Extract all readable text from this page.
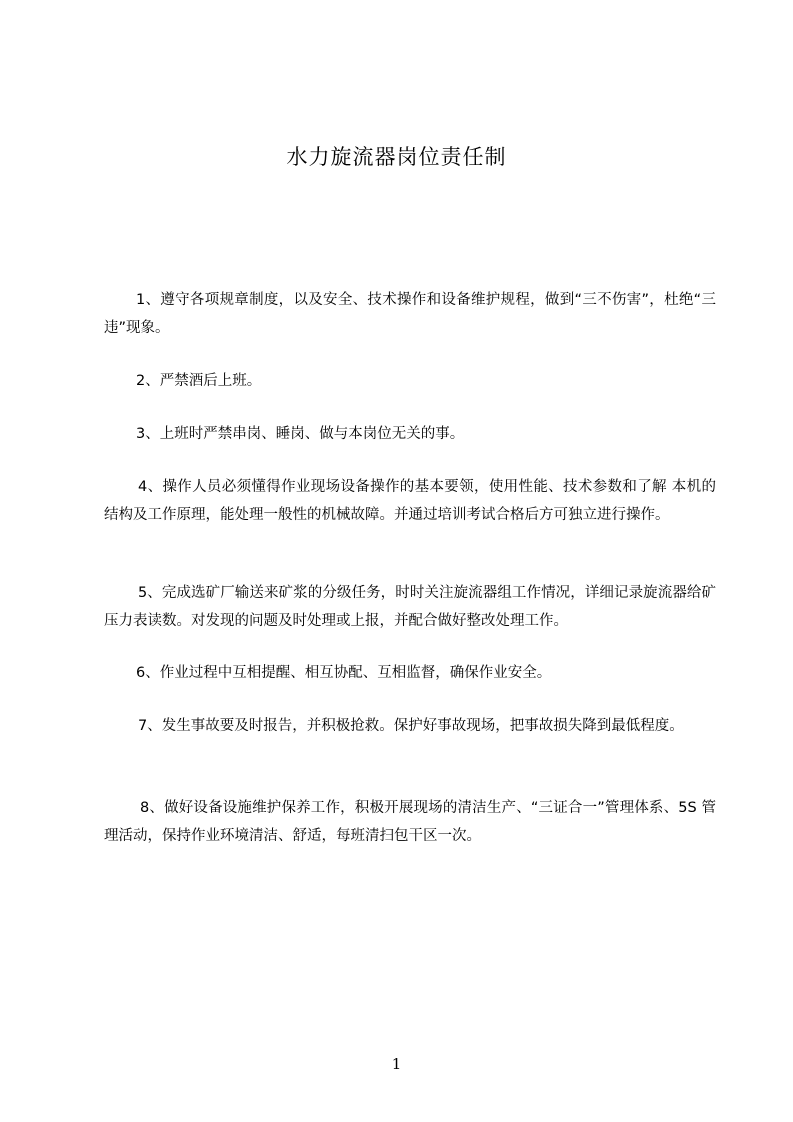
水力旋流器岗位责任制

1、遵守各项规章制度，以及安全、技术操作和设备维护规程，做到“三不伤害”，杜绝“三违”现象。

2、严禁酒后上班。

3、上班时严禁串岗、睡岗、做与本岗位无关的事。

4、操作人员必须懂得作业现场设备操作的基本要领，使用性能、技术参数和了解 本机的结构及工作原理，能处理一般性的机械故障。并通过培训考试合格后方可独立进行操作。

5、完成选矿厂输送来矿浆的分级任务，时时关注旋流器组工作情况，详细记录旋流器给矿压力表读数。对发现的问题及时处理或上报，并配合做好整改处理工作。

6、作业过程中互相提醒、相互协配、互相监督，确保作业安全。

7、发生事故要及时报告，并积极抢救。保护好事故现场，把事故损失降到最低程度。

8、做好设备设施维护保养工作，积极开展现场的清洁生产、“三证合一”管理体系、5S 管理活动，保持作业环境清洁、舒适，每班清扫包干区一次。

1
